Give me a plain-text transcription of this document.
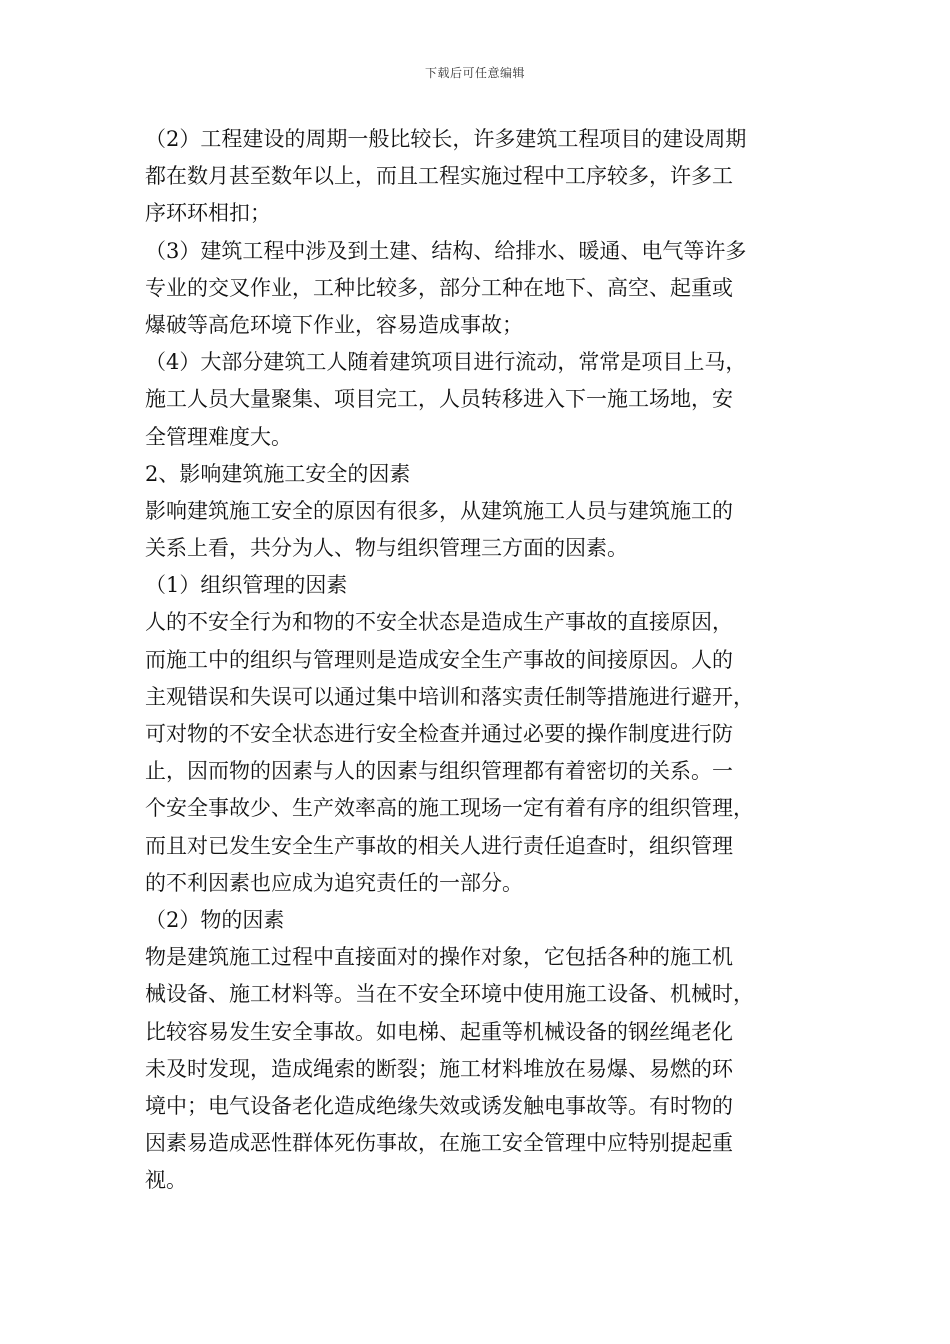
下载后可任意编辑
（2）工程建设的周期一般比较长，许多建筑工程项目的建设周期
都在数月甚至数年以上，而且工程实施过程中工序较多，许多工
序环环相扣；
（3）建筑工程中涉及到土建、结构、给排水、暖通、电气等许多
专业的交叉作业，工种比较多，部分工种在地下、高空、起重或
爆破等高危环境下作业，容易造成事故；
（4）大部分建筑工人随着建筑项目进行流动，常常是项目上马，
施工人员大量聚集、项目完工，人员转移进入下一施工场地，安
全管理难度大。
2、影响建筑施工安全的因素
影响建筑施工安全的原因有很多，从建筑施工人员与建筑施工的
关系上看，共分为人、物与组织管理三方面的因素。
（1）组织管理的因素
人的不安全行为和物的不安全状态是造成生产事故的直接原因，
而施工中的组织与管理则是造成安全生产事故的间接原因。人的
主观错误和失误可以通过集中培训和落实责任制等措施进行避开，
可对物的不安全状态进行安全检查并通过必要的操作制度进行防
止，因而物的因素与人的因素与组织管理都有着密切的关系。一
个安全事故少、生产效率高的施工现场一定有着有序的组织管理，
而且对已发生安全生产事故的相关人进行责任追查时，组织管理
的不利因素也应成为追究责任的一部分。
（2）物的因素
物是建筑施工过程中直接面对的操作对象，它包括各种的施工机
械设备、施工材料等。当在不安全环境中使用施工设备、机械时，
比较容易发生安全事故。如电梯、起重等机械设备的钢丝绳老化
未及时发现，造成绳索的断裂；施工材料堆放在易爆、易燃的环
境中；电气设备老化造成绝缘失效或诱发触电事故等。有时物的
因素易造成恶性群体死伤事故，在施工安全管理中应特别提起重
视。
